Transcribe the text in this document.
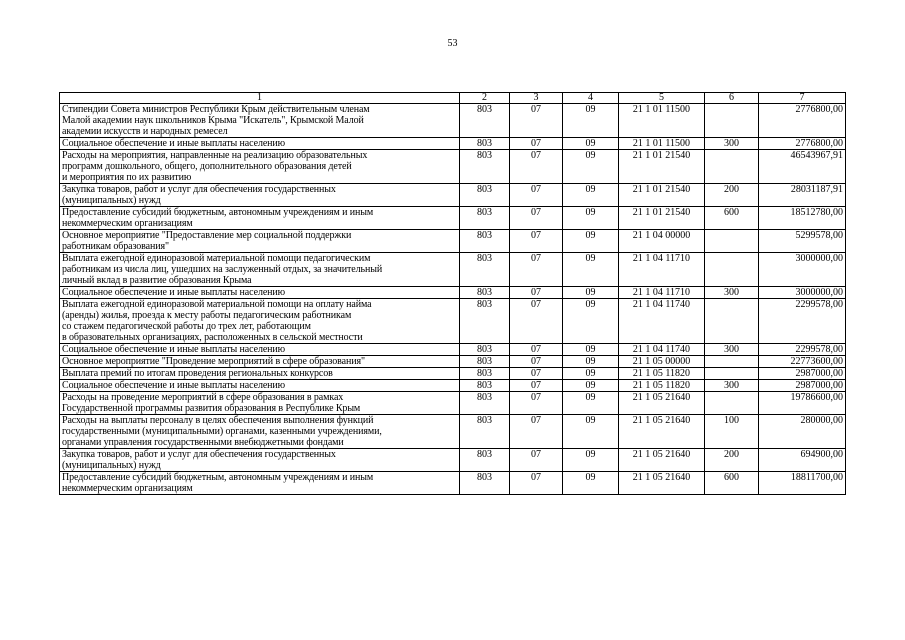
53
1	2	3	4	5	6	7
Стипендии Совета министров Республики Крым действительным членам
Малой академии наук школьников Крыма "Искатель", Крымской Малой
академии искусств и народных ремесел	803	07	09	21 1 01 11500		2776800,00
Социальное обеспечение и иные выплаты населению	803	07	09	21 1 01 11500	300	2776800,00
Расходы на мероприятия, направленные на реализацию образовательных
программ дошкольного, общего, дополнительного образования детей
и мероприятия по их развитию	803	07	09	21 1 01 21540		46543967,91
Закупка товаров, работ и услуг для обеспечения государственных
(муниципальных) нужд	803	07	09	21 1 01 21540	200	28031187,91
Предоставление субсидий бюджетным, автономным учреждениям и иным
некоммерческим организациям	803	07	09	21 1 01 21540	600	18512780,00
Основное мероприятие "Предоставление мер социальной поддержки
работникам образования"	803	07	09	21 1 04 00000		5299578,00
Выплата ежегодной единоразовой материальной помощи педагогическим
работникам из числа лиц, ушедших на заслуженный отдых, за значительный
личный вклад в развитие образования Крыма	803	07	09	21 1 04 11710		3000000,00
Социальное обеспечение и иные выплаты населению	803	07	09	21 1 04 11710	300	3000000,00
Выплата ежегодной единоразовой материальной помощи на оплату найма
(аренды) жилья, проезда к месту работы педагогическим работникам
со стажем педагогической работы до трех лет, работающим
в образовательных организациях, расположенных в сельской местности	803	07	09	21 1 04 11740		2299578,00
Социальное обеспечение и иные выплаты населению	803	07	09	21 1 04 11740	300	2299578,00
Основное мероприятие "Проведение мероприятий в сфере образования"	803	07	09	21 1 05 00000		22773600,00
Выплата премий по итогам проведения региональных конкурсов	803	07	09	21 1 05 11820		2987000,00
Социальное обеспечение и иные выплаты населению	803	07	09	21 1 05 11820	300	2987000,00
Расходы на проведение мероприятий в сфере образования в рамках
Государственной программы развития образования в Республике Крым	803	07	09	21 1 05 21640		19786600,00
Расходы на выплаты персоналу в целях обеспечения выполнения функций
государственными (муниципальными) органами, казенными учреждениями,
органами управления государственными внебюджетными фондами	803	07	09	21 1 05 21640	100	280000,00
Закупка товаров, работ и услуг для обеспечения государственных
(муниципальных) нужд	803	07	09	21 1 05 21640	200	694900,00
Предоставление субсидий бюджетным, автономным учреждениям и иным
некоммерческим организациям	803	07	09	21 1 05 21640	600	18811700,00
